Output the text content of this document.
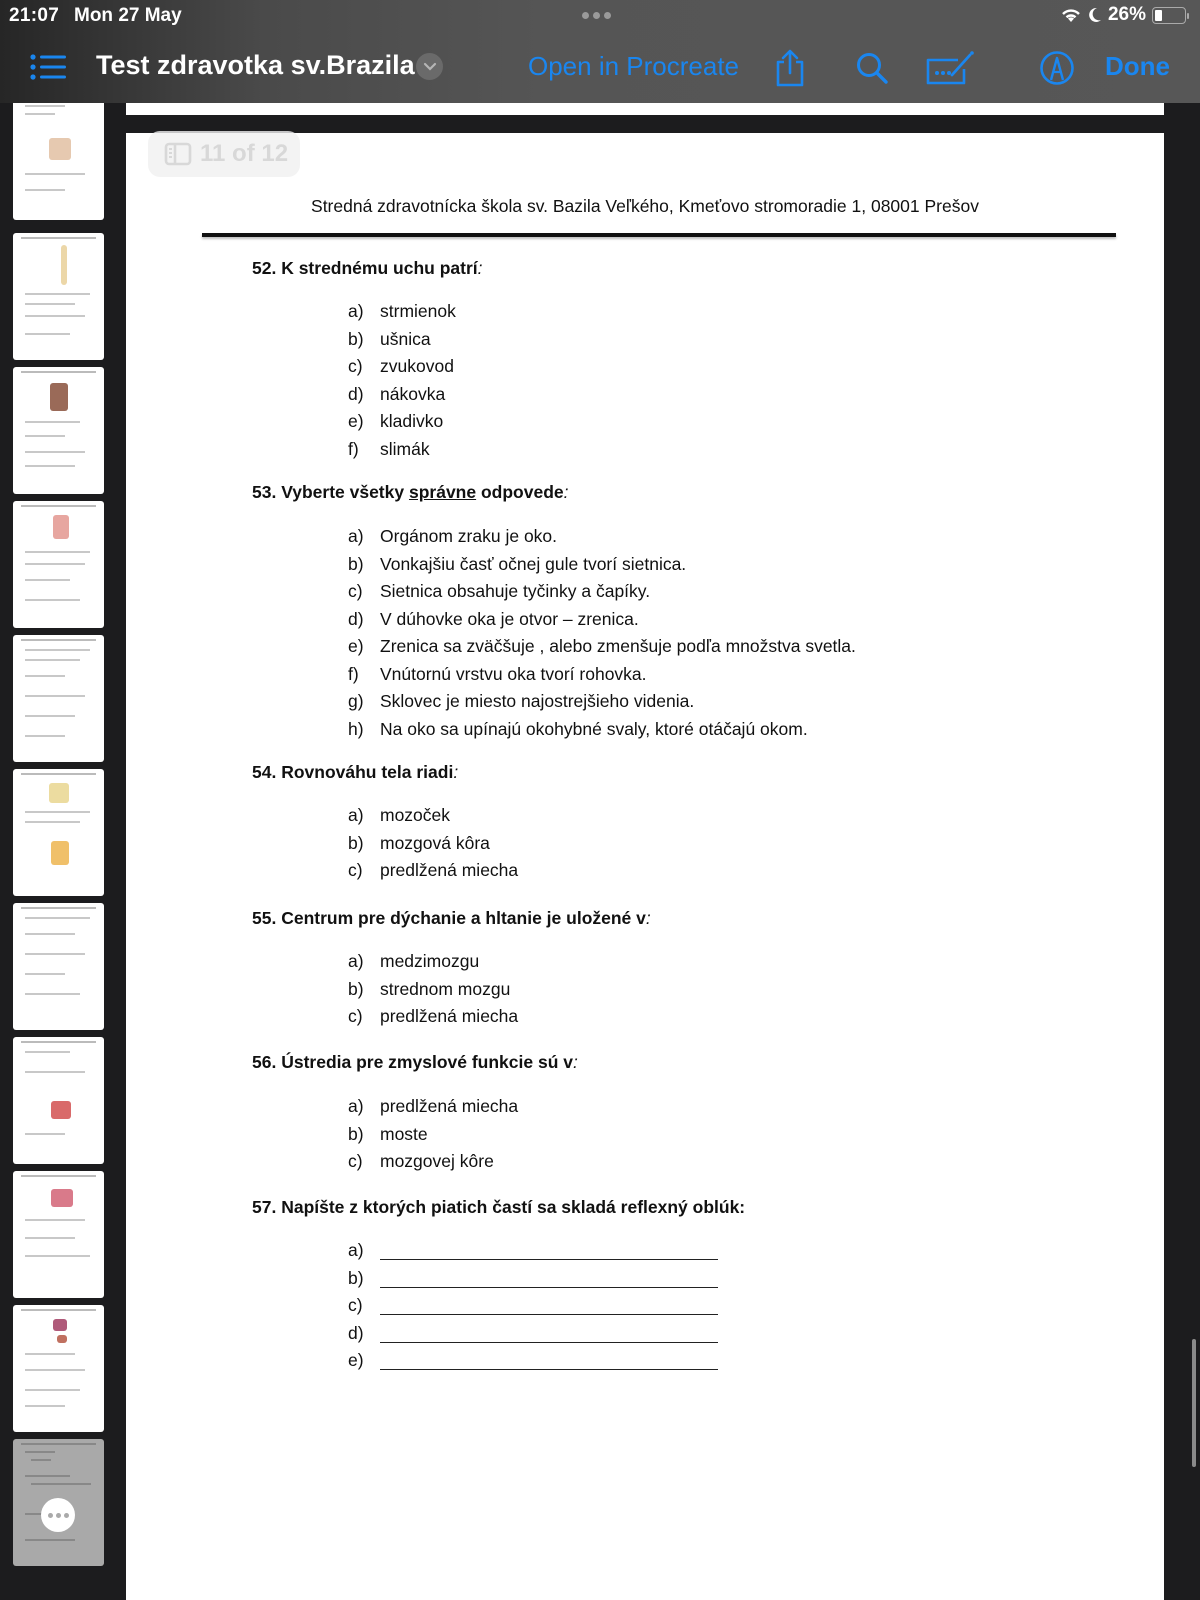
21:07 Mon 27 May	26%
Test zdravotka sv.Brazila	Open in Procreate	Done
Stredná zdravotnícka škola sv. Bazila Veľkého, Kmeťovo stromoradie 1, 08001 Prešov
52. K strednému uchu patrí:
a) strmienok
b) ušnica
c) zvukovod
d) nákovka
e) kladivko
f)	slimák
53. Vyberte všetky správne odpovede:
a) Orgánom zraku je oko.
b) Vonkajšiu časť očnej gule tvorí sietnica.
c) Sietnica obsahuje tyčinky a čapíky.
d) V dúhovke oka je otvor – zrenica.
e) Zrenica sa zväčšuje , alebo zmenšuje podľa množstva svetla.
f)	Vnútornú vrstvu oka tvorí rohovka.
g) Sklovec je miesto najostrejšieho videnia.
h) Na oko sa upínajú okohybné svaly, ktoré otáčajú okom.
54. Rovnováhu tela riadi:
a) mozoček
b) mozgová kôra
c) predlžená miecha
55. Centrum pre dýchanie a hltanie je uložené v:
a) medzimozgu
b) strednom mozgu
c) predlžená miecha
56. Ústredia pre zmyslové funkcie sú v:
a) predlžená miecha
b) moste
c) mozgovej kôre
57. Napíšte z ktorých piatich častí sa skladá reflexný oblúk:
a)
b)
c)
d)
e)
11 of 12
